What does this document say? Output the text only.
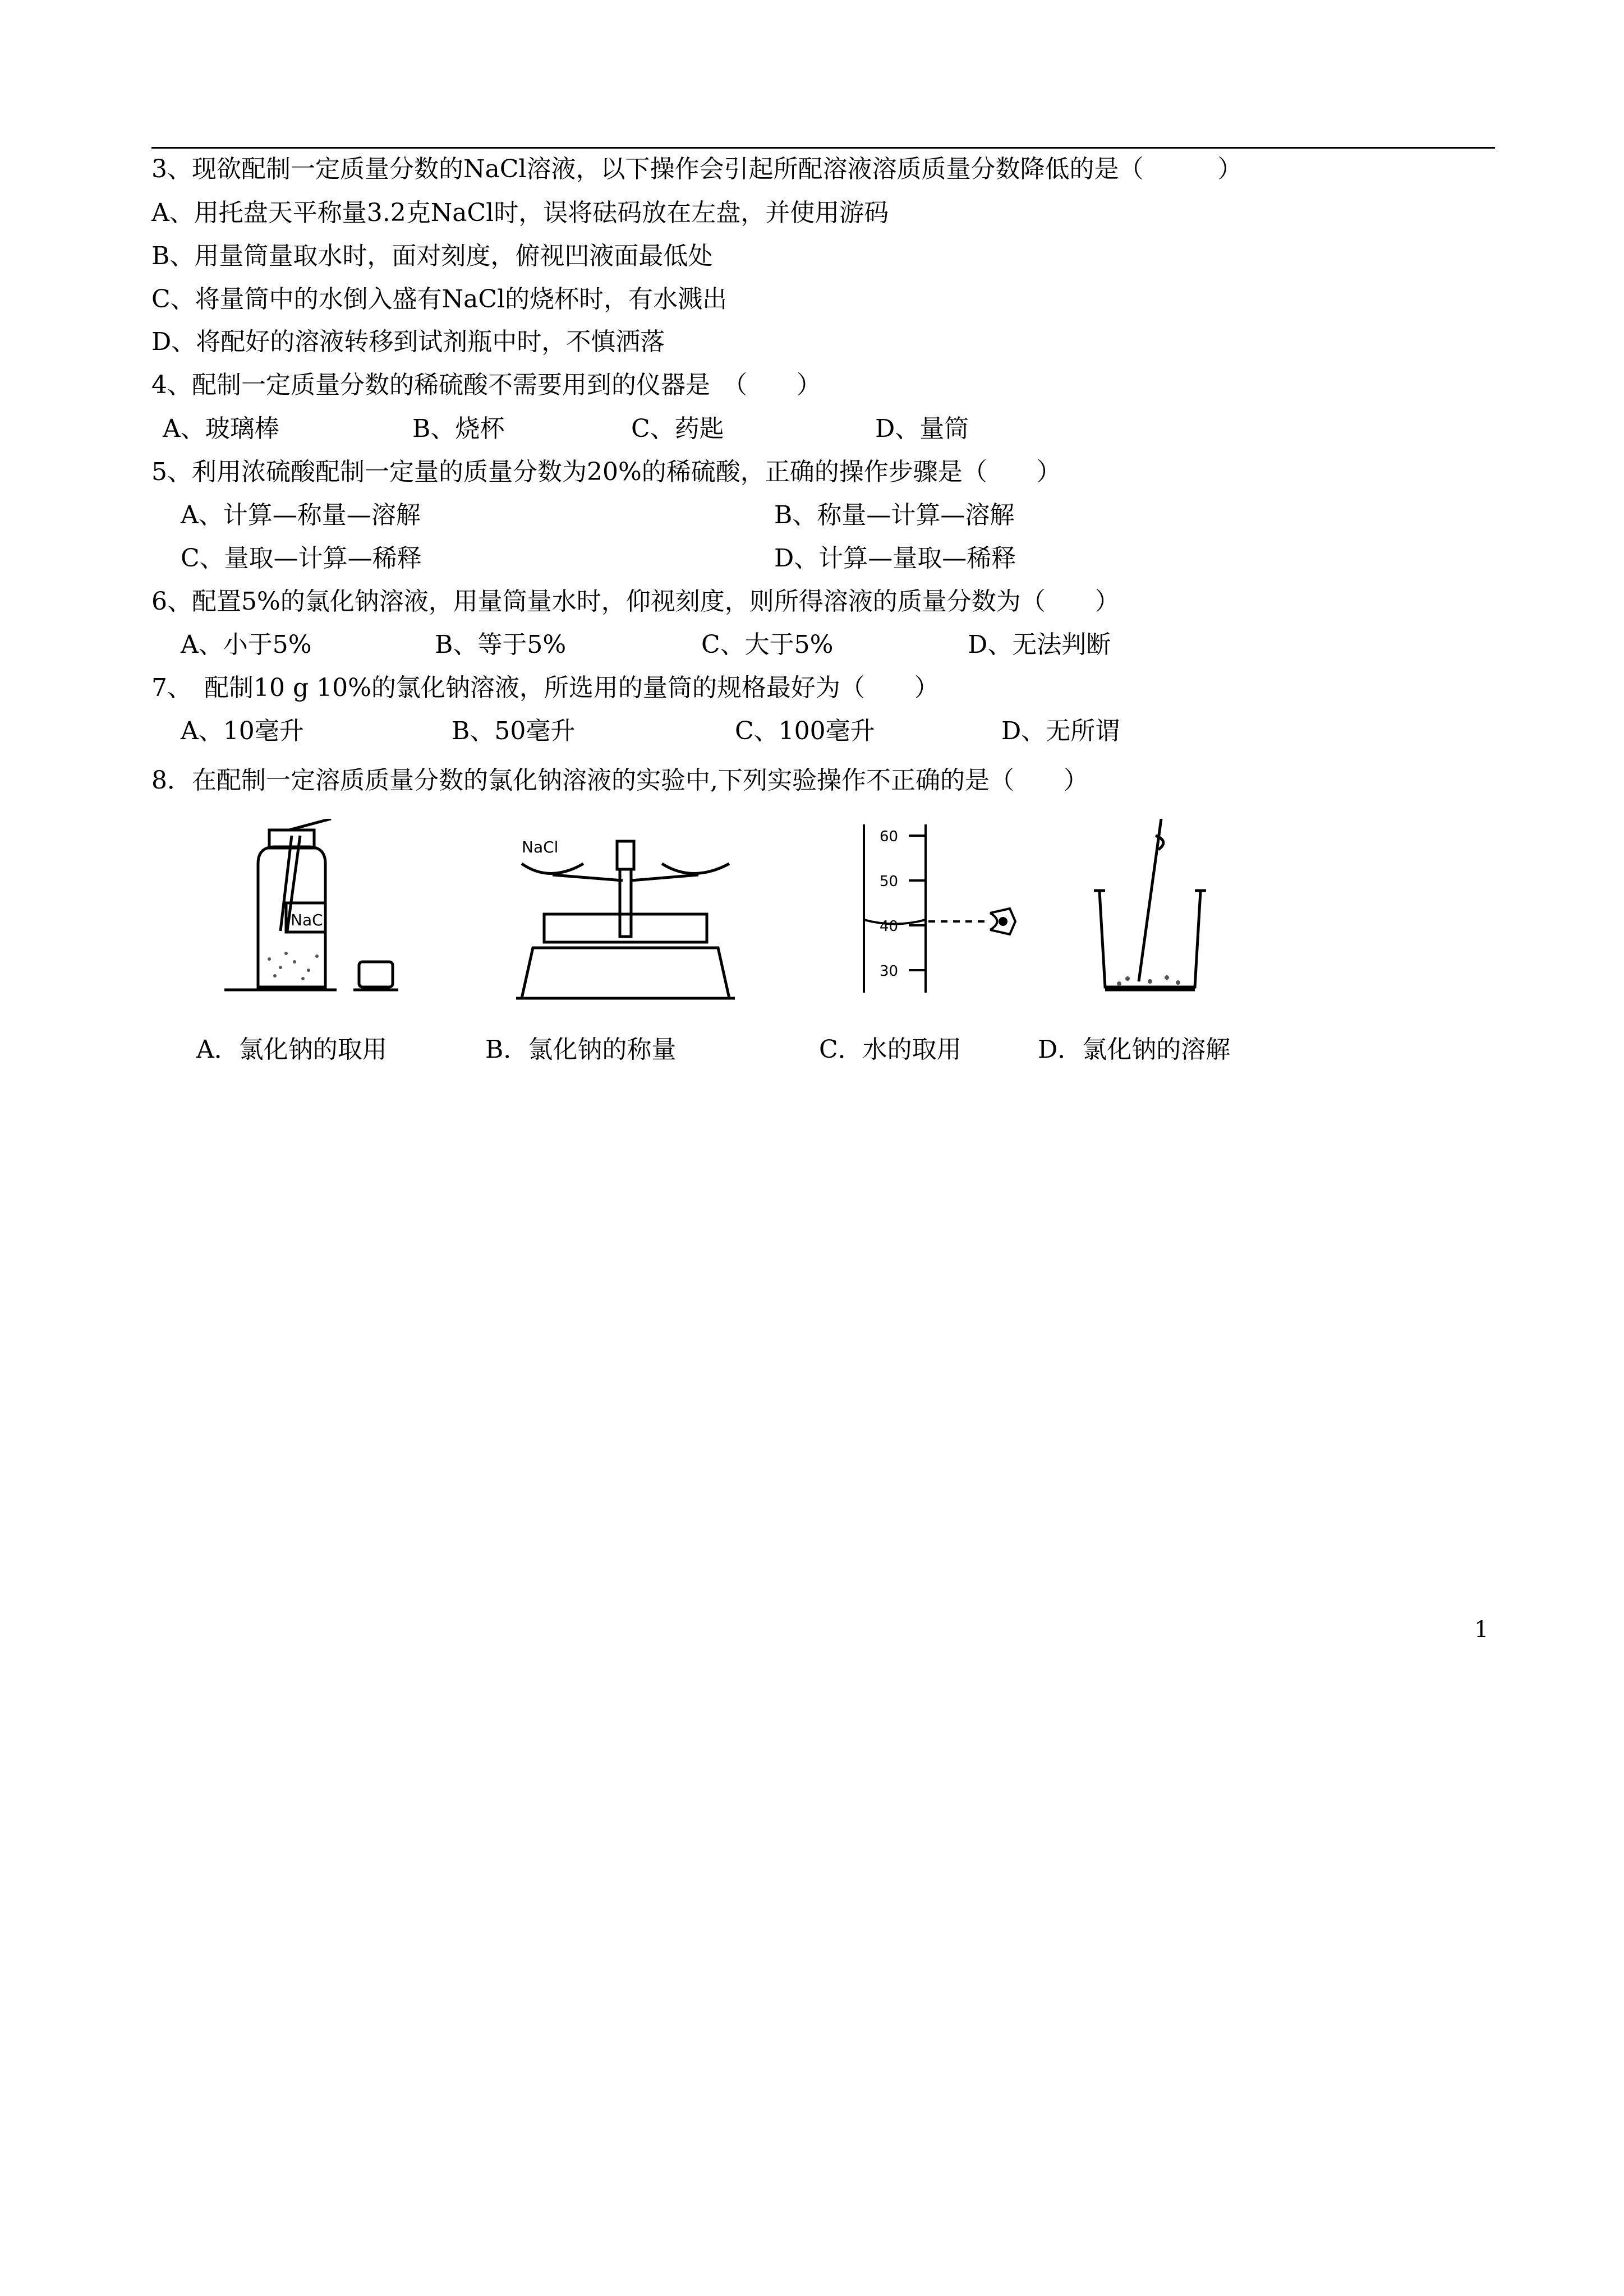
3、现欲配制一定质量分数的NaCl溶液，以下操作会引起所配溶液溶质质量分数降低的是（　　　）
A、用托盘天平称量3.2克NaCl时，误将砝码放在左盘，并使用游码
B、用量筒量取水时，面对刻度，俯视凹液面最低处
C、将量筒中的水倒入盛有NaCl的烧杯时，有水溅出
D、将配好的溶液转移到试剂瓶中时，不慎洒落
4、配制一定质量分数的稀硫酸不需要用到的仪器是　（　　）
A、玻璃棒	B、烧杯	C、药匙	D、量筒
5、利用浓硫酸配制一定量的质量分数为20%的稀硫酸，正确的操作步骤是（　　）
A、计算—称量—溶解	B、称量—计算—溶解
C、量取—计算—稀释	D、计算—量取—稀释
6、配置5%的氯化钠溶液，用量筒量水时，仰视刻度，则所得溶液的质量分数为（　　）
A、小于5%	B、等于5%	C、大于5%	D、无法判断
7、　配制10 g 10%的氯化钠溶液，所选用的量筒的规格最好为（　　）
A、10毫升	B、50毫升	C、100毫升	D、无所谓
8．在配制一定溶质质量分数的氯化钠溶液的实验中,下列实验操作不正确的是（　　）
NaCl
NaCl
60
50
40
30
A．氯化钠的取用	B．氯化钠的称量	C．水的取用	D．氯化钠的溶解
1
